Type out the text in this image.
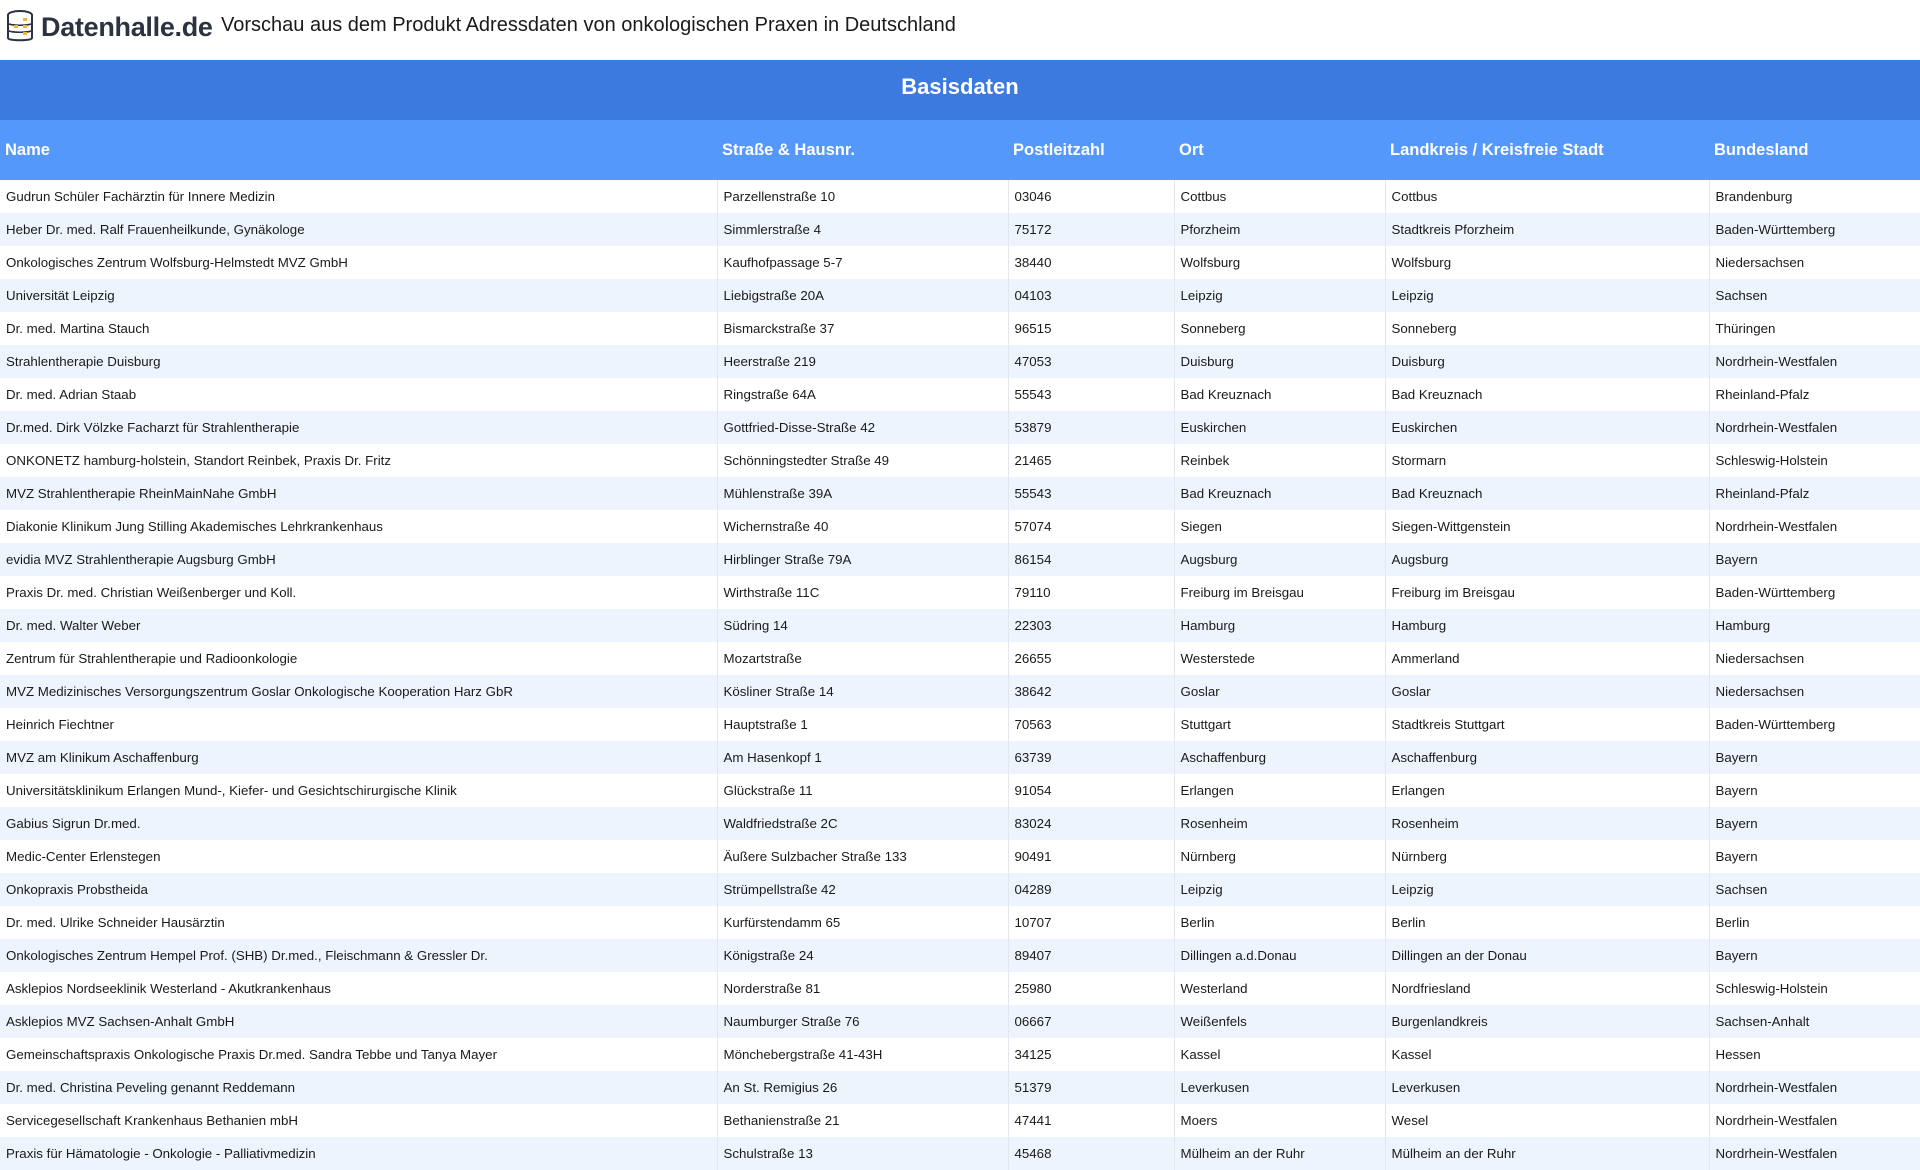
Datenhalle.de Vorschau aus dem Produkt Adressdaten von onkologischen Praxen in Deutschland
Basisdaten
Name	Straße & Hausnr.	Postleitzahl	Ort	Landkreis / Kreisfreie Stadt	Bundesland
Gudrun Schüler Fachärztin für Innere Medizin	Parzellenstraße 10	03046	Cottbus	Cottbus	Brandenburg
Heber Dr. med. Ralf Frauenheilkunde, Gynäkologe	Simmlerstraße 4	75172	Pforzheim	Stadtkreis Pforzheim	Baden-Württemberg
Onkologisches Zentrum Wolfsburg-Helmstedt MVZ GmbH	Kaufhofpassage 5-7	38440	Wolfsburg	Wolfsburg	Niedersachsen
Universität Leipzig	Liebigstraße 20A	04103	Leipzig	Leipzig	Sachsen
Dr. med. Martina Stauch	Bismarckstraße 37	96515	Sonneberg	Sonneberg	Thüringen
Strahlentherapie Duisburg	Heerstraße 219	47053	Duisburg	Duisburg	Nordrhein-Westfalen
Dr. med. Adrian Staab	Ringstraße 64A	55543	Bad Kreuznach	Bad Kreuznach	Rheinland-Pfalz
Dr.med. Dirk Völzke Facharzt für Strahlentherapie	Gottfried-Disse-Straße 42	53879	Euskirchen	Euskirchen	Nordrhein-Westfalen
ONKONETZ hamburg-holstein, Standort Reinbek, Praxis Dr. Fritz	Schönningstedter Straße 49	21465	Reinbek	Stormarn	Schleswig-Holstein
MVZ Strahlentherapie RheinMainNahe GmbH	Mühlenstraße 39A	55543	Bad Kreuznach	Bad Kreuznach	Rheinland-Pfalz
Diakonie Klinikum Jung Stilling Akademisches Lehrkrankenhaus	Wichernstraße 40	57074	Siegen	Siegen-Wittgenstein	Nordrhein-Westfalen
evidia MVZ Strahlentherapie Augsburg GmbH	Hirblinger Straße 79A	86154	Augsburg	Augsburg	Bayern
Praxis Dr. med. Christian Weißenberger und Koll.	Wirthstraße 11C	79110	Freiburg im Breisgau	Freiburg im Breisgau	Baden-Württemberg
Dr. med. Walter Weber	Südring 14	22303	Hamburg	Hamburg	Hamburg
Zentrum für Strahlentherapie und Radioonkologie	Mozartstraße	26655	Westerstede	Ammerland	Niedersachsen
MVZ Medizinisches Versorgungszentrum Goslar Onkologische Kooperation Harz GbR	Kösliner Straße 14	38642	Goslar	Goslar	Niedersachsen
Heinrich Fiechtner	Hauptstraße 1	70563	Stuttgart	Stadtkreis Stuttgart	Baden-Württemberg
MVZ am Klinikum Aschaffenburg	Am Hasenkopf 1	63739	Aschaffenburg	Aschaffenburg	Bayern
Universitätsklinikum Erlangen Mund-, Kiefer- und Gesichtschirurgische Klinik	Glückstraße 11	91054	Erlangen	Erlangen	Bayern
Gabius Sigrun Dr.med.	Waldfriedstraße 2C	83024	Rosenheim	Rosenheim	Bayern
Medic-Center Erlenstegen	Äußere Sulzbacher Straße 133	90491	Nürnberg	Nürnberg	Bayern
Onkopraxis Probstheida	Strümpellstraße 42	04289	Leipzig	Leipzig	Sachsen
Dr. med. Ulrike Schneider Hausärztin	Kurfürstendamm 65	10707	Berlin	Berlin	Berlin
Onkologisches Zentrum Hempel Prof. (SHB) Dr.med., Fleischmann & Gressler Dr.	Königstraße 24	89407	Dillingen a.d.Donau	Dillingen an der Donau	Bayern
Asklepios Nordseeklinik Westerland - Akutkrankenhaus	Norderstraße 81	25980	Westerland	Nordfriesland	Schleswig-Holstein
Asklepios MVZ Sachsen-Anhalt GmbH	Naumburger Straße 76	06667	Weißenfels	Burgenlandkreis	Sachsen-Anhalt
Gemeinschaftspraxis Onkologische Praxis Dr.med. Sandra Tebbe und Tanya Mayer	Mönchebergstraße 41-43H	34125	Kassel	Kassel	Hessen
Dr. med. Christina Peveling genannt Reddemann	An St. Remigius 26	51379	Leverkusen	Leverkusen	Nordrhein-Westfalen
Servicegesellschaft Krankenhaus Bethanien mbH	Bethanienstraße 21	47441	Moers	Wesel	Nordrhein-Westfalen
Praxis für Hämatologie - Onkologie - Palliativmedizin	Schulstraße 13	45468	Mülheim an der Ruhr	Mülheim an der Ruhr	Nordrhein-Westfalen
